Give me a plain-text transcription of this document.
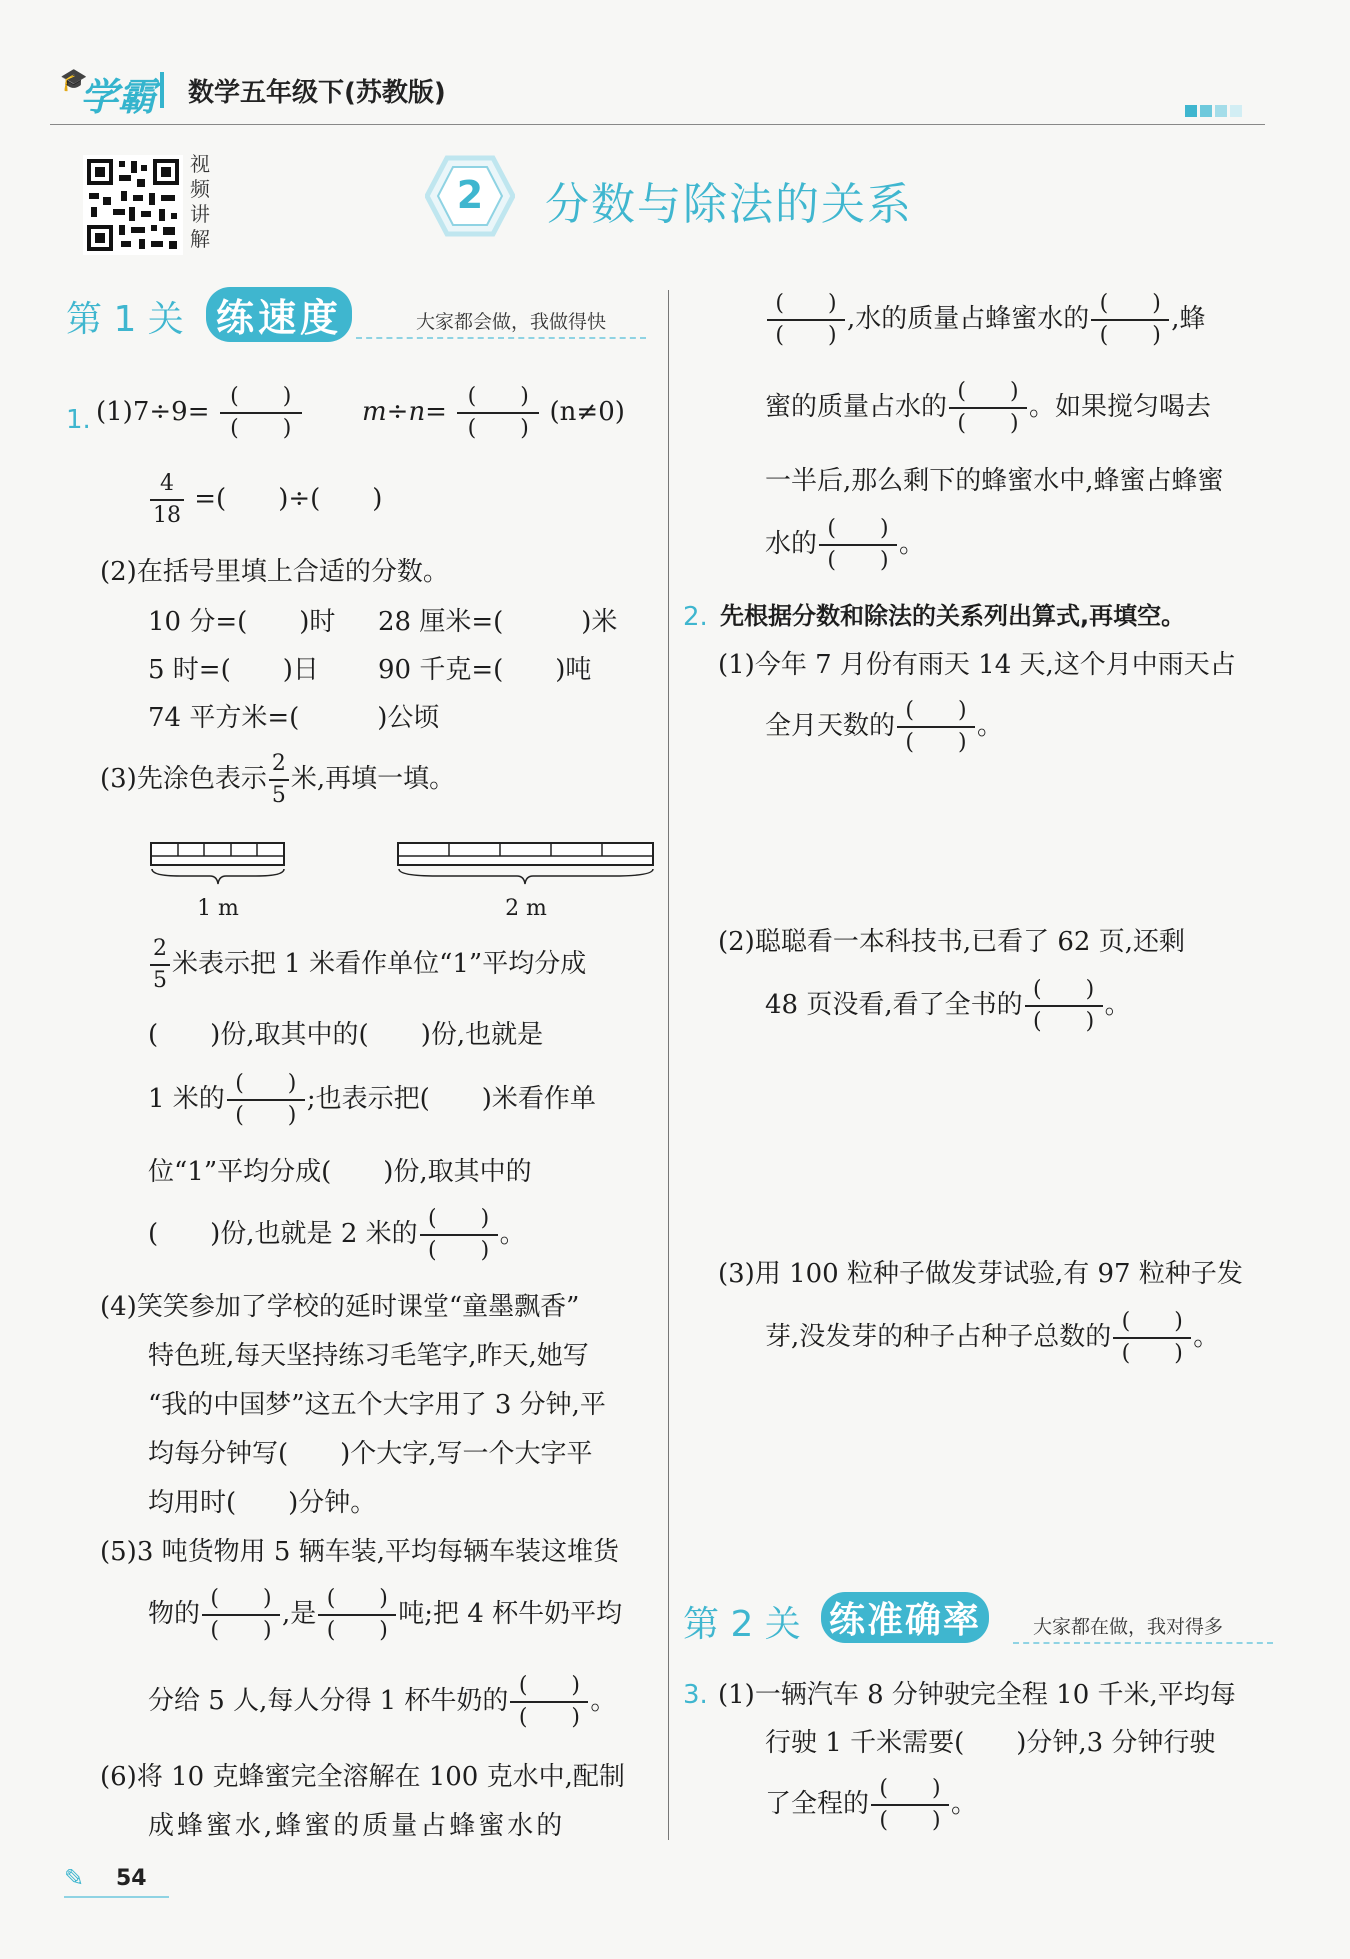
🎓
学霸 数学五年级下(苏教版)
视频讲解
2	分数与除法的关系
第 1 关 练速度	大家都会做，我做得快
1. $(1)7\div 9= \frac{( )}{( )} m\div n= \frac{( )}{( )} (n\ne 0)$
$\frac{4}{18}$ =(　　)÷(　　)
(2)在括号里填上合适的分数。
10 分=(　　)时 28 厘米=(　　　)米
5 时=(　　)日 90 千克=(　　)吨
74 平方米=(　　　)公顷
(3)先涂色表示 $\frac{2}{5}$ 米,再填一填。
1 m	2 m
$\frac{2}{5}$ 米表示把 1 米看作单位“1”平均分成
(　　)份,取其中的(　　)份,也就是
1 米的 $\frac{( )}{( )}$ ;也表示把(　　)米看作单
位“1”平均分成(　　)份,取其中的
(　　)份,也就是 2 米的 $\frac{( )}{( )}$ 。
(4)笑笑参加了学校的延时课堂“童墨飘香”
特色班,每天坚持练习毛笔字,昨天,她写
“我的中国梦”这五个大字用了 3 分钟,平
均每分钟写(　　)个大字,写一个大字平
均用时(　　)分钟。
(5)3 吨货物用 5 辆车装,平均每辆车装这堆货
物的 $\frac{( )}{( )}$ ,是 $\frac{( )}{( )}$ 吨;把 4 杯牛奶平均
分给 5 人,每人分得 1 杯牛奶的 $\frac{( )}{( )}$ 。
(6)将 10 克蜂蜜完全溶解在 100 克水中,配制
成蜂蜜水,蜂蜜的质量占蜂蜜水的
$\frac{( )}{( )}$ ,水的质量占蜂蜜水的 $\frac{( )}{( )}$ ,蜂
蜜的质量占水的 $\frac{( )}{( )}$ 。如果搅匀喝去
一半后,那么剩下的蜂蜜水中,蜂蜜占蜂蜜
水的 $\frac{( )}{( )}$ 。
2. 先根据分数和除法的关系列出算式,再填空。
(1)今年 7 月份有雨天 14 天,这个月中雨天占
全月天数的 $\frac{( )}{( )}$ 。
(2)聪聪看一本科技书,已看了 62 页,还剩
48 页没看,看了全书的 $\frac{( )}{( )}$ 。
(3)用 100 粒种子做发芽试验,有 97 粒种子发
芽,没发芽的种子占种子总数的 $\frac{( )}{( )}$ 。
第 2 关 练准确率	大家都在做，我对得多
3. (1)一辆汽车 8 分钟驶完全程 10 千米,平均每
行驶 1 千米需要(　　)分钟,3 分钟行驶
了全程的 $\frac{( )}{( )}$ 。
✎ 54
